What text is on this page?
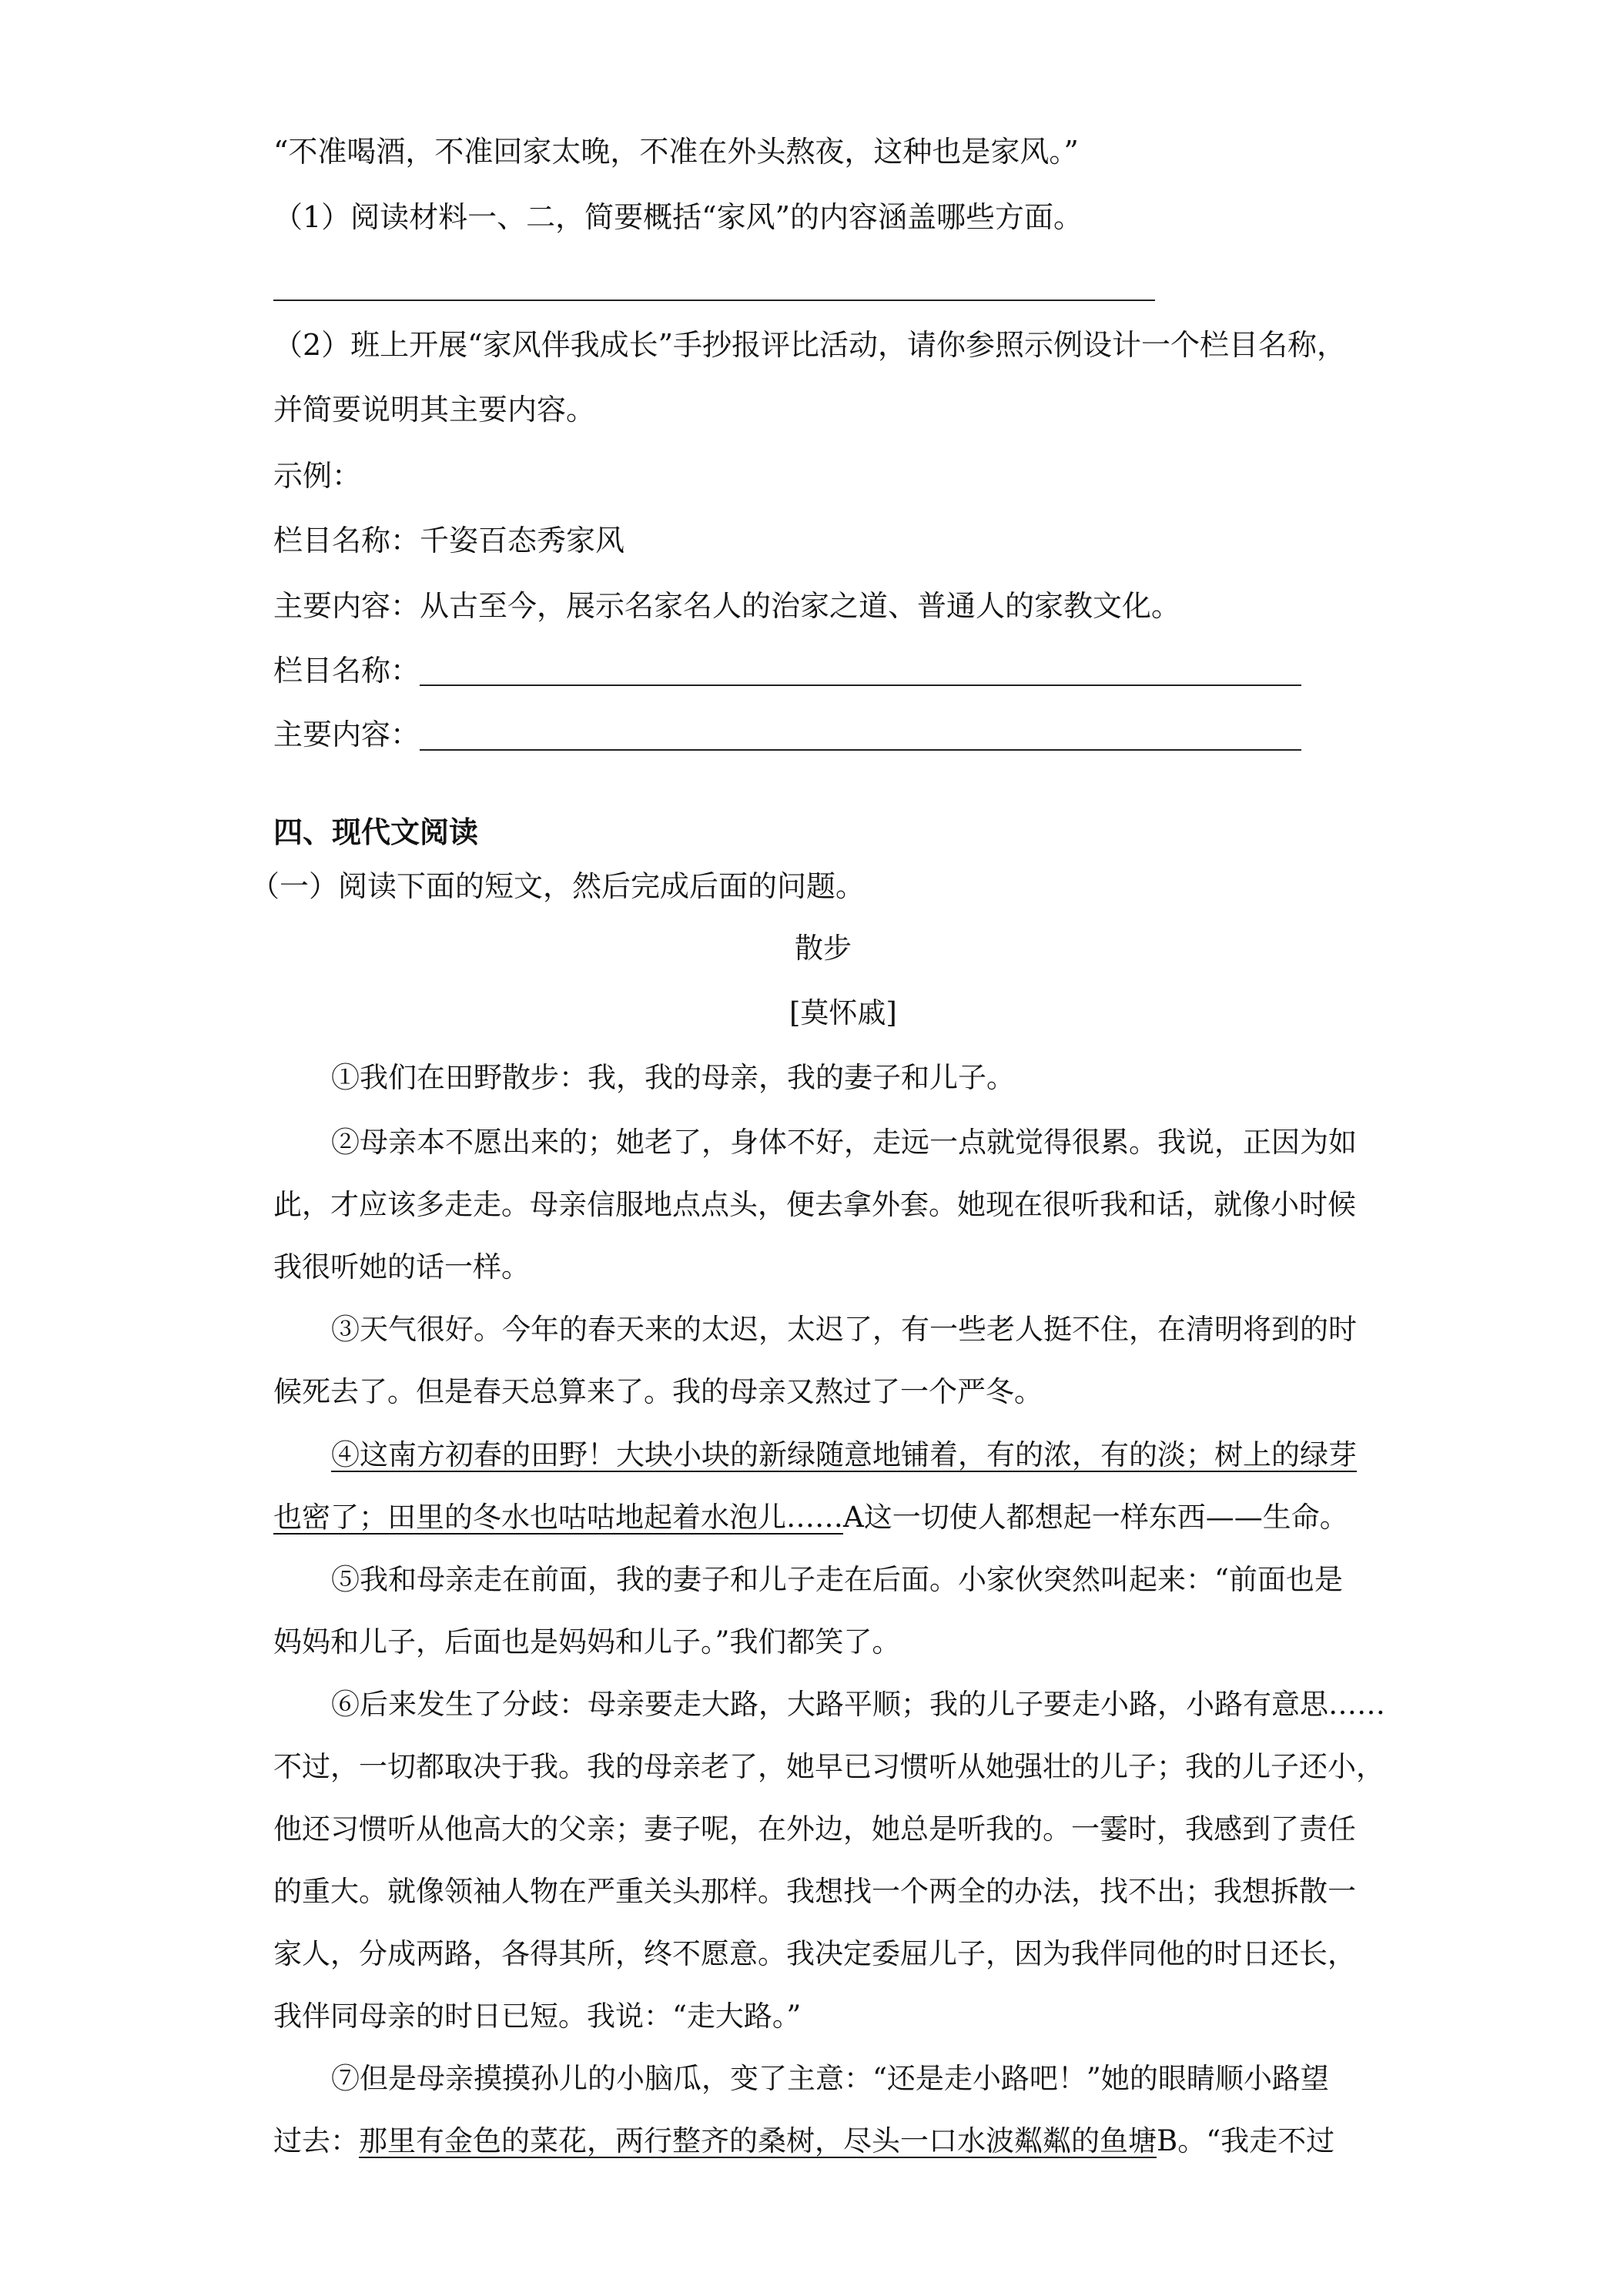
“不准喝酒，不准回家太晚，不准在外头熬夜，这种也是家风。”
（1）阅读材料一、二，简要概括“家风”的内容涵盖哪些方面。
（2）班上开展“家风伴我成长”手抄报评比活动，请你参照示例设计一个栏目名称，
并简要说明其主要内容。
示例：
栏目名称：千姿百态秀家风
主要内容：从古至今，展示名家名人的治家之道、普通人的家教文化。
栏目名称：
主要内容：
四、现代文阅读
（一）阅读下面的短文，然后完成后面的问题。
散步
[莫怀戚]
①我们在田野散步：我，我的母亲，我的妻子和儿子。
②母亲本不愿出来的；她老了，身体不好，走远一点就觉得很累。我说，正因为如
此，才应该多走走。母亲信服地点点头，便去拿外套。她现在很听我和话，就像小时候
我很听她的话一样。
③天气很好。今年的春天来的太迟，太迟了，有一些老人挺不住，在清明将到的时
候死去了。但是春天总算来了。我的母亲又熬过了一个严冬。
④这南方初春的田野！大块小块的新绿随意地铺着，有的浓，有的淡；树上的绿芽
也密了；田里的冬水也咕咕地起着水泡儿……A这一切使人都想起一样东西——生命。
⑤我和母亲走在前面，我的妻子和儿子走在后面。小家伙突然叫起来：“前面也是
妈妈和儿子，后面也是妈妈和儿子。”我们都笑了。
⑥后来发生了分歧：母亲要走大路，大路平顺；我的儿子要走小路，小路有意思……
不过，一切都取决于我。我的母亲老了，她早已习惯听从她强壮的儿子；我的儿子还小，
他还习惯听从他高大的父亲；妻子呢，在外边，她总是听我的。一霎时，我感到了责任
的重大。就像领袖人物在严重关头那样。我想找一个两全的办法，找不出；我想拆散一
家人，分成两路，各得其所，终不愿意。我决定委屈儿子，因为我伴同他的时日还长，
我伴同母亲的时日已短。我说：“走大路。”
⑦但是母亲摸摸孙儿的小脑瓜，变了主意：“还是走小路吧！”她的眼睛顺小路望
过去：那里有金色的菜花，两行整齐的桑树，尽头一口水波粼粼的鱼塘B。“我走不过
